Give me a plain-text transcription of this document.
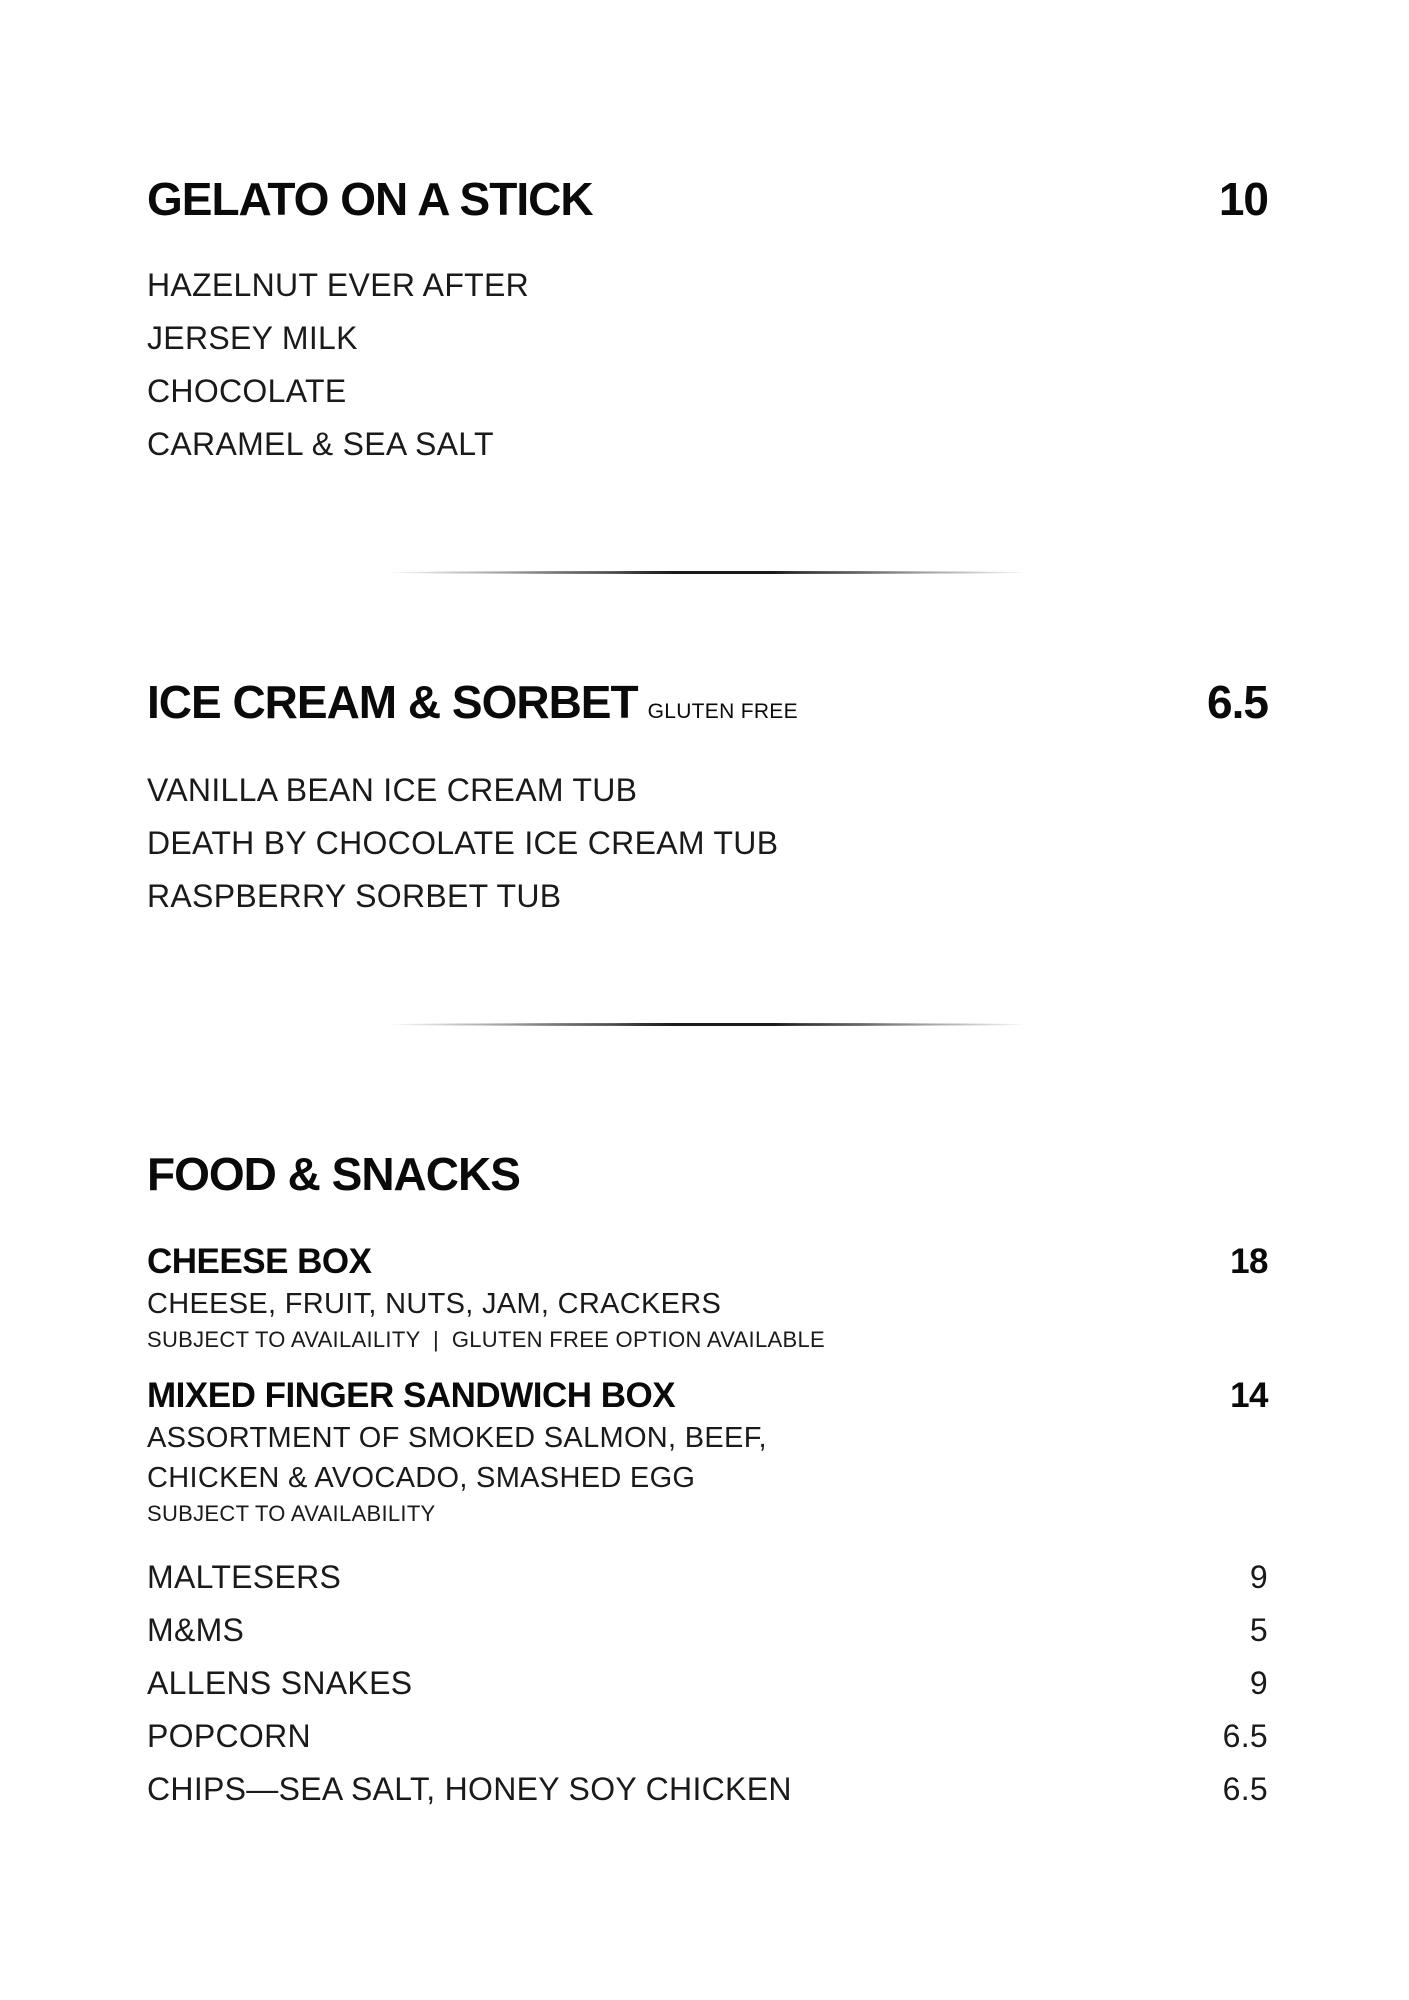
GELATO ON A STICK	10
HAZELNUT EVER AFTER
JERSEY MILK
CHOCOLATE
CARAMEL & SEA SALT
ICE CREAM & SORBET GLUTEN FREE	6.5
VANILLA BEAN ICE CREAM TUB
DEATH BY CHOCOLATE ICE CREAM TUB
RASPBERRY SORBET TUB
FOOD & SNACKS
CHEESE BOX	18
CHEESE, FRUIT, NUTS, JAM, CRACKERS
SUBJECT TO AVAILAILITY  |  GLUTEN FREE OPTION AVAILABLE
MIXED FINGER SANDWICH BOX	14
ASSORTMENT OF SMOKED SALMON, BEEF,
CHICKEN & AVOCADO, SMASHED EGG
SUBJECT TO AVAILABILITY
MALTESERS	9
M&MS	5
ALLENS SNAKES	9
POPCORN	6.5
CHIPS—SEA SALT, HONEY SOY CHICKEN	6.5
